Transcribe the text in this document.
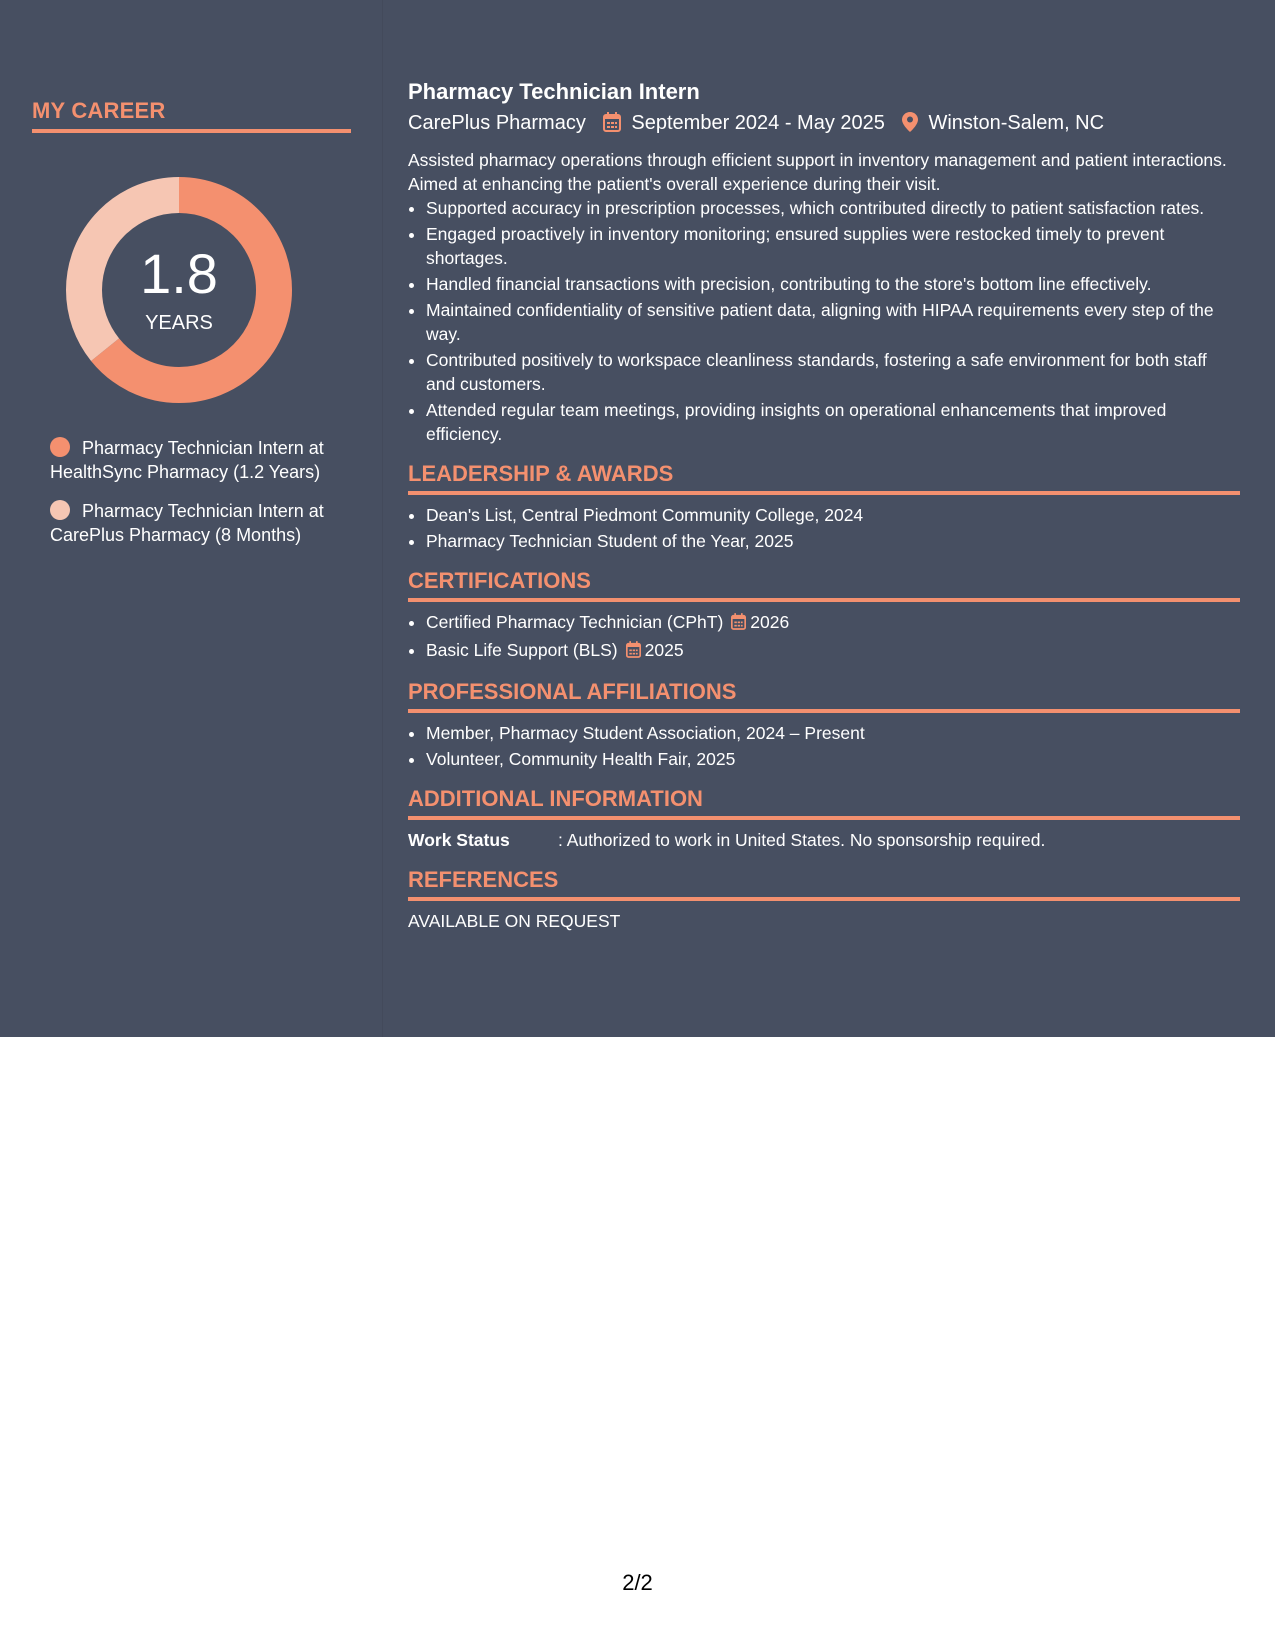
MY CAREER
1.8
YEARS
Pharmacy Technician Intern at HealthSync Pharmacy (1.2 Years)
Pharmacy Technician Intern at CarePlus Pharmacy (8 Months)
Pharmacy Technician Intern
CarePlus Pharmacy September 2024 - May 2025 Winston-Salem, NC
Assisted pharmacy operations through efficient support in inventory management and patient interactions. Aimed at enhancing the patient's overall experience during their visit.
• Supported accuracy in prescription processes, which contributed directly to patient satisfaction rates.
• Engaged proactively in inventory monitoring; ensured supplies were restocked timely to prevent shortages.
• Handled financial transactions with precision, contributing to the store's bottom line effectively.
• Maintained confidentiality of sensitive patient data, aligning with HIPAA requirements every step of the way.
• Contributed positively to workspace cleanliness standards, fostering a safe environment for both staff and customers.
• Attended regular team meetings, providing insights on operational enhancements that improved efficiency.
LEADERSHIP & AWARDS
• Dean's List, Central Piedmont Community College, 2024
• Pharmacy Technician Student of the Year, 2025
CERTIFICATIONS
• Certified Pharmacy Technician (CPhT) 2026
• Basic Life Support (BLS) 2025
PROFESSIONAL AFFILIATIONS
• Member, Pharmacy Student Association, 2024 – Present
• Volunteer, Community Health Fair, 2025
ADDITIONAL INFORMATION
Work Status	: Authorized to work in United States. No sponsorship required.
REFERENCES
AVAILABLE ON REQUEST
2/2
